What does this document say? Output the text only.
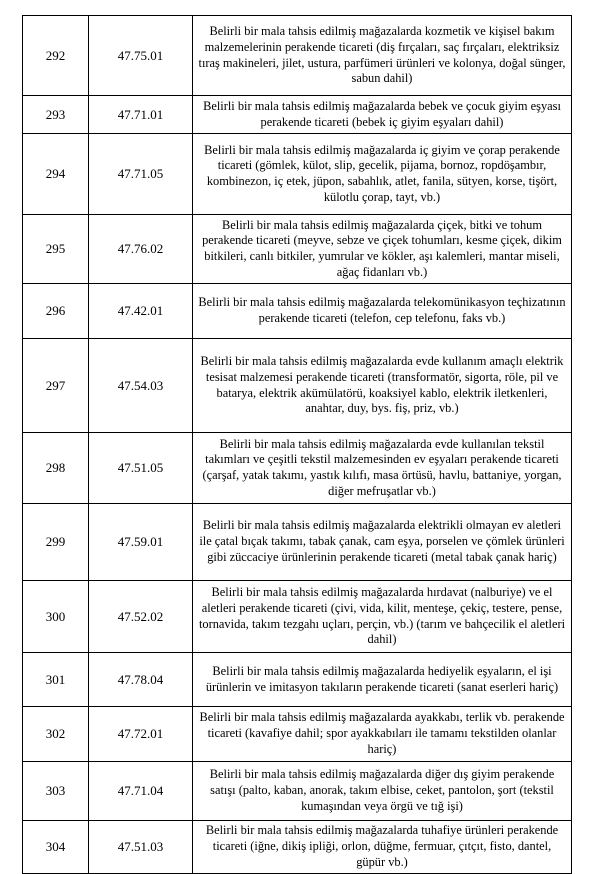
292	47.75.01	Belirli bir mala tahsis edilmiş mağazalarda kozmetik ve kişisel bakım malzemelerinin perakende ticareti (diş fırçaları, saç fırçaları, elektriksiz tıraş makineleri, jilet, ustura, parfümeri ürünleri ve kolonya, doğal sünger, sabun dahil)
293	47.71.01	Belirli bir mala tahsis edilmiş mağazalarda bebek ve çocuk giyim eşyası perakende ticareti (bebek iç giyim eşyaları dahil)
294	47.71.05	Belirli bir mala tahsis edilmiş mağazalarda iç giyim ve çorap perakende ticareti (gömlek, külot, slip, gecelik, pijama, bornoz, ropdöşambır, kombinezon, iç etek, jüpon, sabahlık, atlet, fanila, sütyen, korse, tişört, külotlu çorap, tayt, vb.)
295	47.76.02	Belirli bir mala tahsis edilmiş mağazalarda çiçek, bitki ve tohum perakende ticareti (meyve, sebze ve çiçek tohumları, kesme çiçek, dikim bitkileri, canlı bitkiler, yumrular ve kökler, aşı kalemleri, mantar miseli, ağaç fidanları vb.)
296	47.42.01	Belirli bir mala tahsis edilmiş mağazalarda telekomünikasyon teçhizatının perakende ticareti (telefon, cep telefonu, faks vb.)
297	47.54.03	Belirli bir mala tahsis edilmiş mağazalarda evde kullanım amaçlı elektrik tesisat malzemesi perakende ticareti (transformatör, sigorta, röle, pil ve batarya, elektrik akümülatörü, koaksiyel kablo, elektrik iletkenleri, anahtar, duy, bys. fiş, priz, vb.)
298	47.51.05	Belirli bir mala tahsis edilmiş mağazalarda evde kullanılan tekstil takımları ve çeşitli tekstil malzemesinden ev eşyaları perakende ticareti (çarşaf, yatak takımı, yastık kılıfı, masa örtüsü, havlu, battaniye, yorgan, diğer mefruşatlar vb.)
299	47.59.01	Belirli bir mala tahsis edilmiş mağazalarda elektrikli olmayan ev aletleri ile çatal bıçak takımı, tabak çanak, cam eşya, porselen ve çömlek ürünleri gibi züccaciye ürünlerinin perakende ticareti (metal tabak çanak hariç)
300	47.52.02	Belirli bir mala tahsis edilmiş mağazalarda hırdavat (nalburiye) ve el aletleri perakende ticareti (çivi, vida, kilit, menteşe, çekiç, testere, pense, tornavida, takım tezgahı uçları, perçin, vb.) (tarım ve bahçecilik el aletleri dahil)
301	47.78.04	Belirli bir mala tahsis edilmiş mağazalarda hediyelik eşyaların, el işi ürünlerin ve imitasyon takıların perakende ticareti (sanat eserleri hariç)
302	47.72.01	Belirli bir mala tahsis edilmiş mağazalarda ayakkabı, terlik vb. perakende ticareti (kavafiye dahil; spor ayakkabıları ile tamamı tekstilden olanlar hariç)
303	47.71.04	Belirli bir mala tahsis edilmiş mağazalarda diğer dış giyim perakende satışı (palto, kaban, anorak, takım elbise, ceket, pantolon, şort (tekstil kumaşından veya örgü ve tığ işi)
304	47.51.03	Belirli bir mala tahsis edilmiş mağazalarda tuhafiye ürünleri perakende ticareti (iğne, dikiş ipliği, orlon, düğme, fermuar, çıtçıt, fisto, dantel, güpür vb.)
